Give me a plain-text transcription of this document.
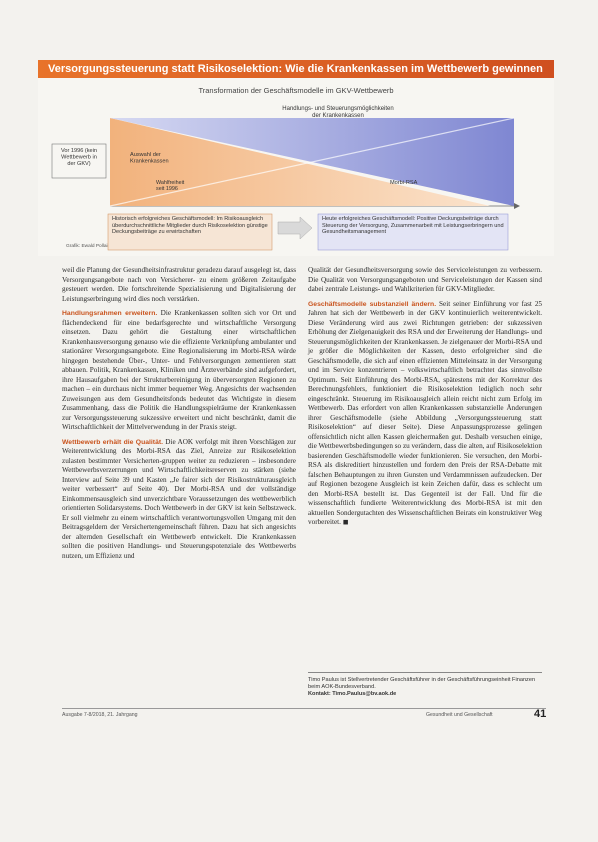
Versorgungssteuerung statt Risikoselektion: Wie die Krankenkassen im Wettbewerb gewinnen
Transformation der Geschäftsmodelle im GKV-Wettbewerb
Vor 1996 (kein Wettbewerb in der GKV)
Handlungs- und Steuerungsmöglichkeiten der Krankenkassen
Auswahl der Krankenkassen
Wahlfreiheit seit 1996
Morbi-RSA
Historisch erfolgreiches Geschäftsmodell: Im Risikoausgleich überdurchschnittliche Mitglieder durch Risikoselektion günstige Deckungsbeiträge zu erwirtschaften
Heute erfolgreiches Geschäftsmodell: Positive Deckungsbeiträge durch Steuerung der Versorgung, Zusammenarbeit mit Leistungserbringern und Gesundheitsmanagement
Grafik: Ewald Pollai

weil die Planung der Gesundheitsinfrastruktur geradezu darauf ausgelegt ist, dass Versorgungsangebote nach von Versicherer- zu einem größeren Zeitaufgabe gesteuert werden. Die fortschreitende Spezialisierung und Digitalisierung der Leistungserbringung wird dies noch verstärken.

Handlungsrahmen erweitern. Die Krankenkassen sollten sich vor Ort und flächendeckend für eine bedarfsgerechte und wirtschaftliche Versorgung einsetzen. Dazu gehört die Gestaltung einer wirtschaftlichen Krankenhausversorgung genauso wie die effiziente Verknüpfung ambulanter und stationärer Versorgungsangebote. Eine Regionalisierung im Morbi-RSA würde hingegen bestehende Über-, Unter- und Fehlversorgungen zementieren statt abbauen. Politik, Krankenkassen, Kliniken und Ärzteverbände sind aufgefordert, ihre Hausaufgaben bei der Strukturbereinigung in überversorgten Regionen zu machen – ein durchaus nicht immer bequemer Weg. Angesichts der wachsenden Zuweisungen aus dem Gesundheitsfonds bedeutet das Wichtigste in diesem Zusammenhang, dass die Politik die Handlungsspielräume der Krankenkassen zur Versorgungssteuerung sukzessive erweitert und nicht beschränkt, damit die Wirtschaftlichkeit der Mittelverwendung in der Praxis steigt.

Wettbewerb erhält die Qualität. Die AOK verfolgt mit ihren Vorschlägen zur Weiterentwicklung des Morbi-RSA das Ziel, Anreize zur Risikoselektion zulasten bestimmter Versicherten-gruppen weiter zu reduzieren – insbesondere Wettbewerbsverzerrungen und Wirtschaftlichkeitsreserven zu stärken (siehe Interview auf Seite 39 und Kasten „Je fairer sich der Risikostrukturausgleich weiter verbessert“ auf Seite 40). Der Morbi-RSA und der vollständige Einkommensausgleich sind unverzichtbare Voraussetzungen des wettbewerblich orientierten Solidarsystems. Doch Wettbewerb in der GKV ist kein Selbstzweck. Er soll vielmehr zu einem wirtschaftlich verantwortungsvollen Umgang mit den Beitragsgeldern der Versichertengemeinschaft führen. Dazu hat sich angesichts der alternden Gesellschaft ein Wettbewerb entwickelt. Die Krankenkassen sollten die positiven Handlungs- und Steuerungspotenziale des Wettbewerbs nutzen, um Effizienz und

Qualität der Gesundheitsversorgung sowie des Serviceleistungen zu verbessern. Die Qualität von Versorgungsangeboten und Serviceleistungen der Kassen sind dabei zentrale Leistungs- und Wahlkriterien für GKV-Mitglieder.

Geschäftsmodelle substanziell ändern. Seit seiner Einführung vor fast 25 Jahren hat sich der Wettbewerb in der GKV kontinuierlich weiterentwickelt. Diese Veränderung wird aus zwei Richtungen getrieben: der sukzessiven Erhöhung der Zielgenauigkeit des RSA und der Erweiterung der Handlungs- und Steuerungsmöglichkeiten der Krankenkassen. Je zielgenauer der Morbi-RSA und je größer die Möglichkeiten der Kassen, desto erfolgreicher sind die Geschäftsmodelle, die sich auf einen effizienten Mitteleinsatz in der Versorgung und im Service konzentrieren – volkswirtschaftlich betrachtet das sinnvollste Optimum. Seit Einführung des Morbi-RSA, spätestens mit der Korrektur des Berechnungsfehlers, funktioniert die Risikoselektion lediglich noch sehr eingeschränkt. Steuerung im Risikoausgleich allein reicht nicht zum Erfolg im Wettbewerb. Das erfordert von allen Krankenkassen substanzielle Änderungen ihrer Geschäftsmodelle (siehe Abbildung „Versorgungssteuerung statt Risikoselektion“ auf dieser Seite). Diese Anpassungsprozesse gelingen offensichtlich nicht allen Kassen gleichermaßen gut. Deshalb versuchen einige, die Wettbewerbsbedingungen so zu verändern, dass die alten, auf Risikoselektion basierenden Geschäftsmodelle wieder funktionieren. Sie versuchen, den Morbi-RSA als diskreditiert hinzustellen und fordern den Preis der RSA-Debatte mit falschen Behauptungen zu ihren Gunsten und Verdammnissen aufzudecken. Der auf Regionen bezogene Ausgleich ist kein Zeichen dafür, dass es schlecht um den Morbi-RSA bestellt ist. Das Gegenteil ist der Fall. Und für die wissenschaftlich fundierte Weiterentwicklung des Morbi-RSA ist mit den aktuellen Sondergutachten des Wissenschaftlichen Beirats ein konstruktiver Weg vorbereitet. ◼

Timo Paulus ist Stellvertretender Geschäftsführer in der Geschäftsführungseinheit Finanzen beim AOK-Bundesverband.
Kontakt: Timo.Paulus@bv.aok.de
Ausgabe 7-8/2018, 21. Jahrgang	Gesundheit und Gesellschaft	41
